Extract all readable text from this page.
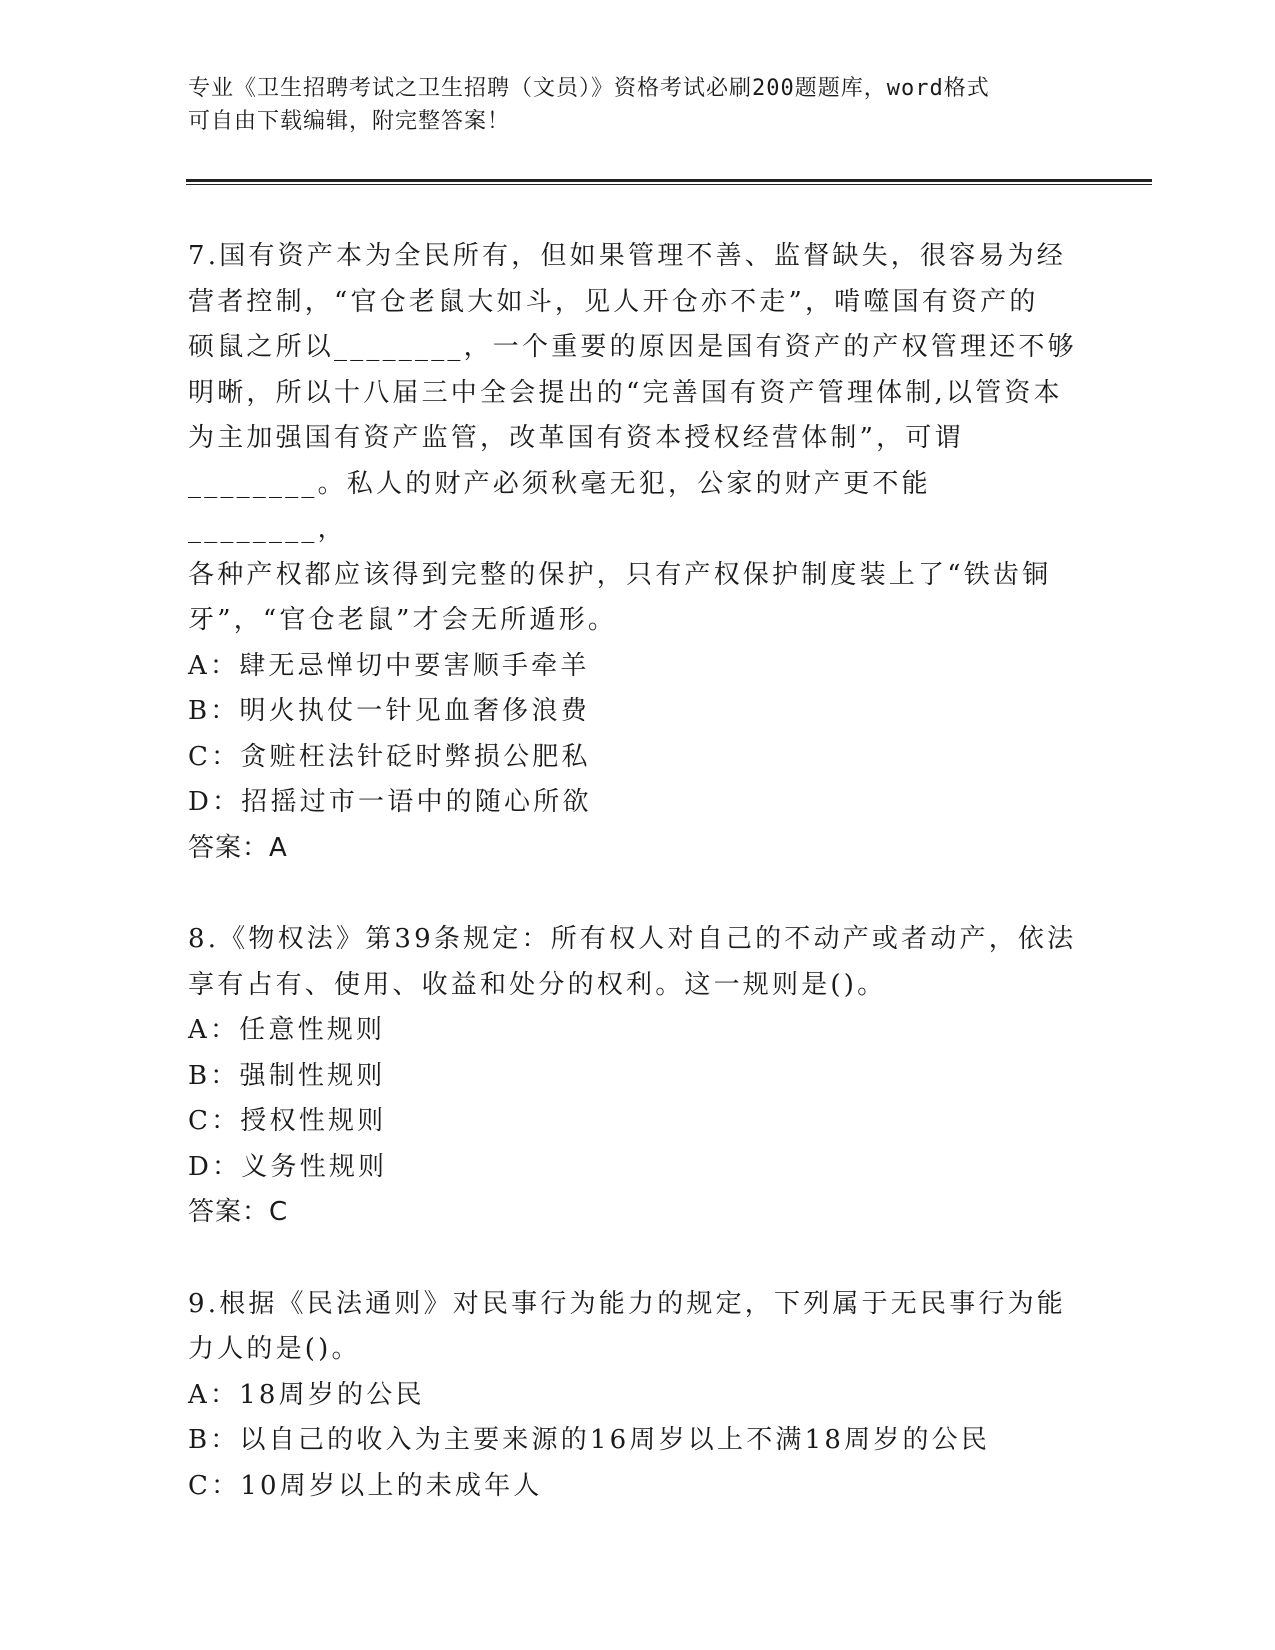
专业《卫生招聘考试之卫生招聘（文员）》资格考试必刷200题题库，word格式
可自由下载编辑，附完整答案！

7.国有资产本为全民所有，但如果管理不善、监督缺失，很容易为经

营者控制，“官仓老鼠大如斗，见人开仓亦不走”，啃噬国有资产的

硕鼠之所以________，一个重要的原因是国有资产的产权管理还不够

明晰，所以十八届三中全会提出的“完善国有资产管理体制,以管资本

为主加强国有资产监管，改革国有资本授权经营体制”，可谓

________。私人的财产必须秋毫无犯，公家的财产更不能________，

各种产权都应该得到完整的保护，只有产权保护制度装上了“铁齿铜

牙”，“官仓老鼠”才会无所遁形。

A：肆无忌惮切中要害顺手牵羊

B：明火执仗一针见血奢侈浪费

C：贪赃枉法针砭时弊损公肥私

D：招摇过市一语中的随心所欲

答案：A

8.《物权法》第39条规定：所有权人对自己的不动产或者动产，依法

享有占有、使用、收益和处分的权利。这一规则是()。

A：任意性规则

B：强制性规则

C：授权性规则

D：义务性规则

答案：C

9.根据《民法通则》对民事行为能力的规定，下列属于无民事行为能

力人的是()。

A：18周岁的公民

B：以自己的收入为主要来源的16周岁以上不满18周岁的公民

C：10周岁以上的未成年人
